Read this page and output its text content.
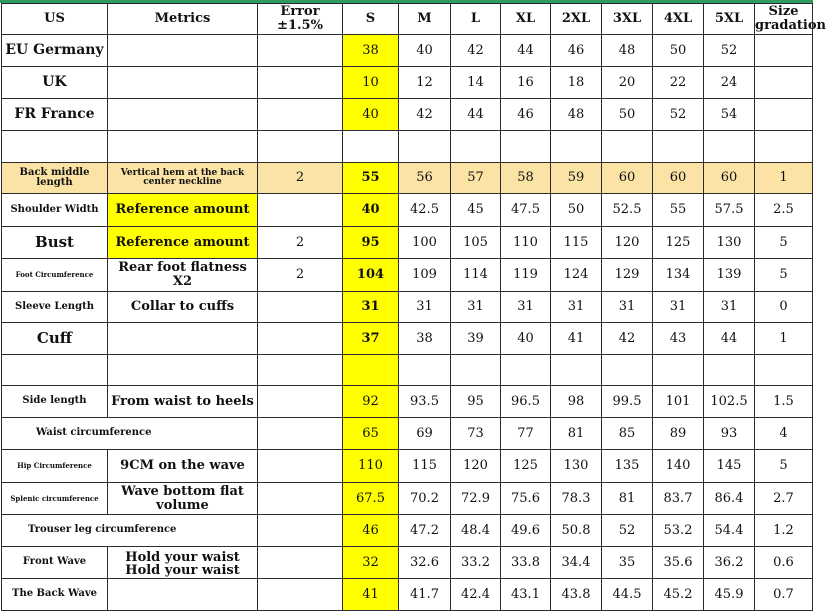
US	Metrics	Error ±1.5%	S	M	L	XL	2XL	3XL	4XL	5XL	Size gradation
EU Germany			38	40	42	44	46	48	50	52	
UK			10	12	14	16	18	20	22	24	
FR France			40	42	44	46	48	50	52	54	

Back middle length	Vertical hem at the back center neckline	2	55	56	57	58	59	60	60	60	1
Shoulder Width	Reference amount		40	42.5	45	47.5	50	52.5	55	57.5	2.5
Bust	Reference amount	2	95	100	105	110	115	120	125	130	5
Foot Circumference	Rear foot flatness X2	2	104	109	114	119	124	129	134	139	5
Sleeve Length	Collar to cuffs		31	31	31	31	31	31	31	31	0
Cuff			37	38	39	40	41	42	43	44	1

Side length	From waist to heels		92	93.5	95	96.5	98	99.5	101	102.5	1.5
Waist circumference			65	69	73	77	81	85	89	93	4
Hip Circumference	9CM on the wave		110	115	120	125	130	135	140	145	5
Splenic circumference	Wave bottom flat volume		67.5	70.2	72.9	75.6	78.3	81	83.7	86.4	2.7
Trouser leg circumference			46	47.2	48.4	49.6	50.8	52	53.2	54.4	1.2
Front Wave	Hold your waist Hold your waist		32	32.6	33.2	33.8	34.4	35	35.6	36.2	0.6
The Back Wave			41	41.7	42.4	43.1	43.8	44.5	45.2	45.9	0.7
